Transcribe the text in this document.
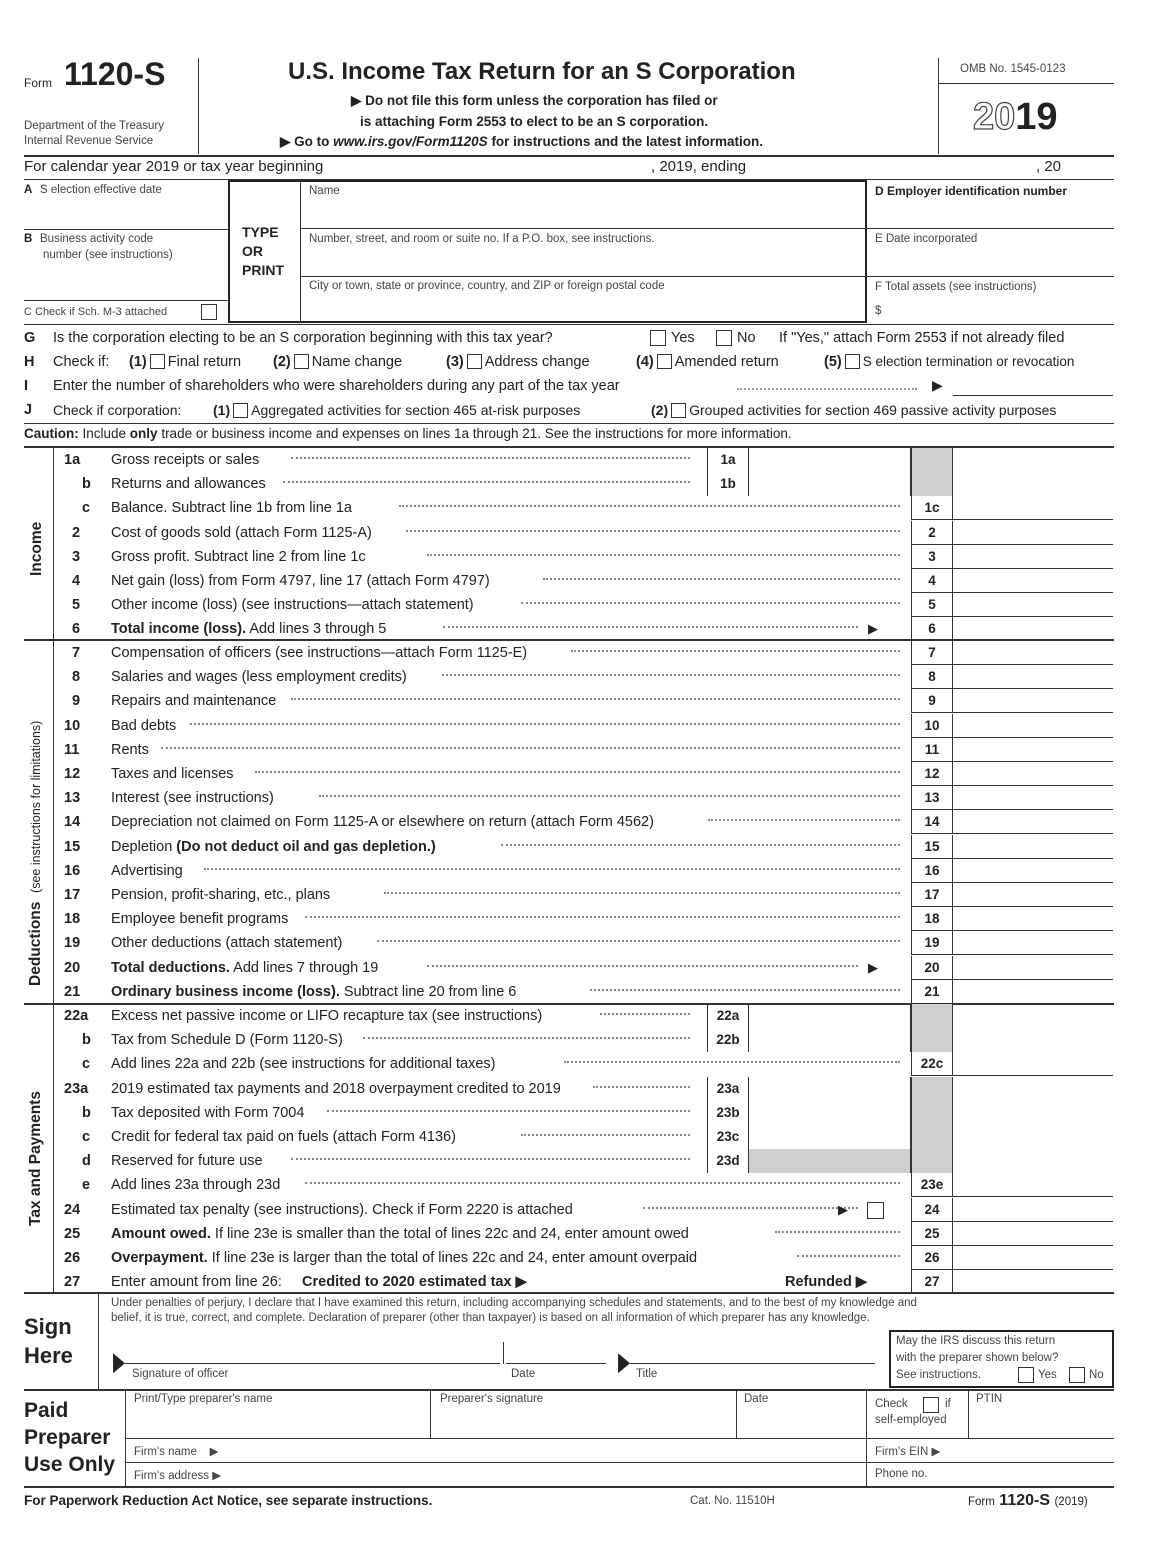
Form 1120-S
Department of the Treasury
Internal Revenue Service
U.S. Income Tax Return for an S Corporation
▶ Do not file this form unless the corporation has filed or
is attaching Form 2553 to elect to be an S corporation.
▶ Go to www.irs.gov/Form1120S for instructions and the latest information.
OMB No. 1545-0123
2019
For calendar year 2019 or tax year beginning	, 2019, ending	, 20
A S election effective date
B Business activity code
number (see instructions)
C Check if Sch. M-3 attached
TYPE
OR
PRINT
Name
Number, street, and room or suite no. If a P.O. box, see instructions.
City or town, state or province, country, and ZIP or foreign postal code
D Employer identification number
E Date incorporated
F Total assets (see instructions)
$
G Is the corporation electing to be an S corporation beginning with this tax year?	Yes	No If "Yes," attach Form 2553 if not already filed
H Check if: (1) Final return (2) Name change	(3) Address change	(4) Amended return	(5) S election termination or revocation
I Enter the number of shareholders who were shareholders during any part of the tax year	▶
J Check if corporation: (1) Aggregated activities for section 465 at-risk purposes	(2) Grouped activities for section 469 passive activity purposes
Caution: Include only trade or business income and expenses on lines 1a through 21. See the instructions for more information.
Income
Deductions  (see instructions for limitations)
Tax and Payments
1a Gross receipts or sales	1a
b Returns and allowances	1b
c Balance. Subtract line 1b from line 1a	1c
2 Cost of goods sold (attach Form 1125-A)	2
3 Gross profit. Subtract line 2 from line 1c	3
4 Net gain (loss) from Form 4797, line 17 (attach Form 4797)	4
5 Other income (loss) (see instructions—attach statement)	5
6 Total income (loss). Add lines 3 through 5	▶	6
7 Compensation of officers (see instructions—attach Form 1125-E)	7
8 Salaries and wages (less employment credits)	8
9 Repairs and maintenance	9
10 Bad debts	10
11 Rents	11
12 Taxes and licenses	12
13 Interest (see instructions)	13
14 Depreciation not claimed on Form 1125-A or elsewhere on return (attach Form 4562)	14
15 Depletion (Do not deduct oil and gas depletion.)	15
16 Advertising	16
17 Pension, profit-sharing, etc., plans	17
18 Employee benefit programs	18
19 Other deductions (attach statement)	19
20 Total deductions. Add lines 7 through 19	▶	20
21 Ordinary business income (loss). Subtract line 20 from line 6	21
22a Excess net passive income or LIFO recapture tax (see instructions)	22a
b Tax from Schedule D (Form 1120-S)	22b
c Add lines 22a and 22b (see instructions for additional taxes)	22c
23a 2019 estimated tax payments and 2018 overpayment credited to 2019	23a
b Tax deposited with Form 7004	23b
c Credit for federal tax paid on fuels (attach Form 4136)	23c
d Reserved for future use	23d
e Add lines 23a through 23d	23e
24 Estimated tax penalty (see instructions). Check if Form 2220 is attached	▶	24
25 Amount owed. If line 23e is smaller than the total of lines 22c and 24, enter amount owed	25
26 Overpayment. If line 23e is larger than the total of lines 22c and 24, enter amount overpaid	26
27 Enter amount from line 26: Credited to 2020 estimated tax ▶	Refunded ▶	27
Sign
Here
Under penalties of perjury, I declare that I have examined this return, including accompanying schedules and statements, and to the best of my knowledge and
belief, it is true, correct, and complete. Declaration of preparer (other than taxpayer) is based on all information of which preparer has any knowledge.
▶	▶
Signature of officer	Date	Title
May the IRS discuss this return
with the preparer shown below?
See instructions.	Yes	No
Paid
Preparer
Use Only
Print/Type preparer's name	Preparer's signature	Date	Check	if
self-employed
PTIN
Firm's name    ▶	Firm's EIN ▶
Firm's address ▶	Phone no.
For Paperwork Reduction Act Notice, see separate instructions.	Cat. No. 11510H	Form 1120-S (2019)
